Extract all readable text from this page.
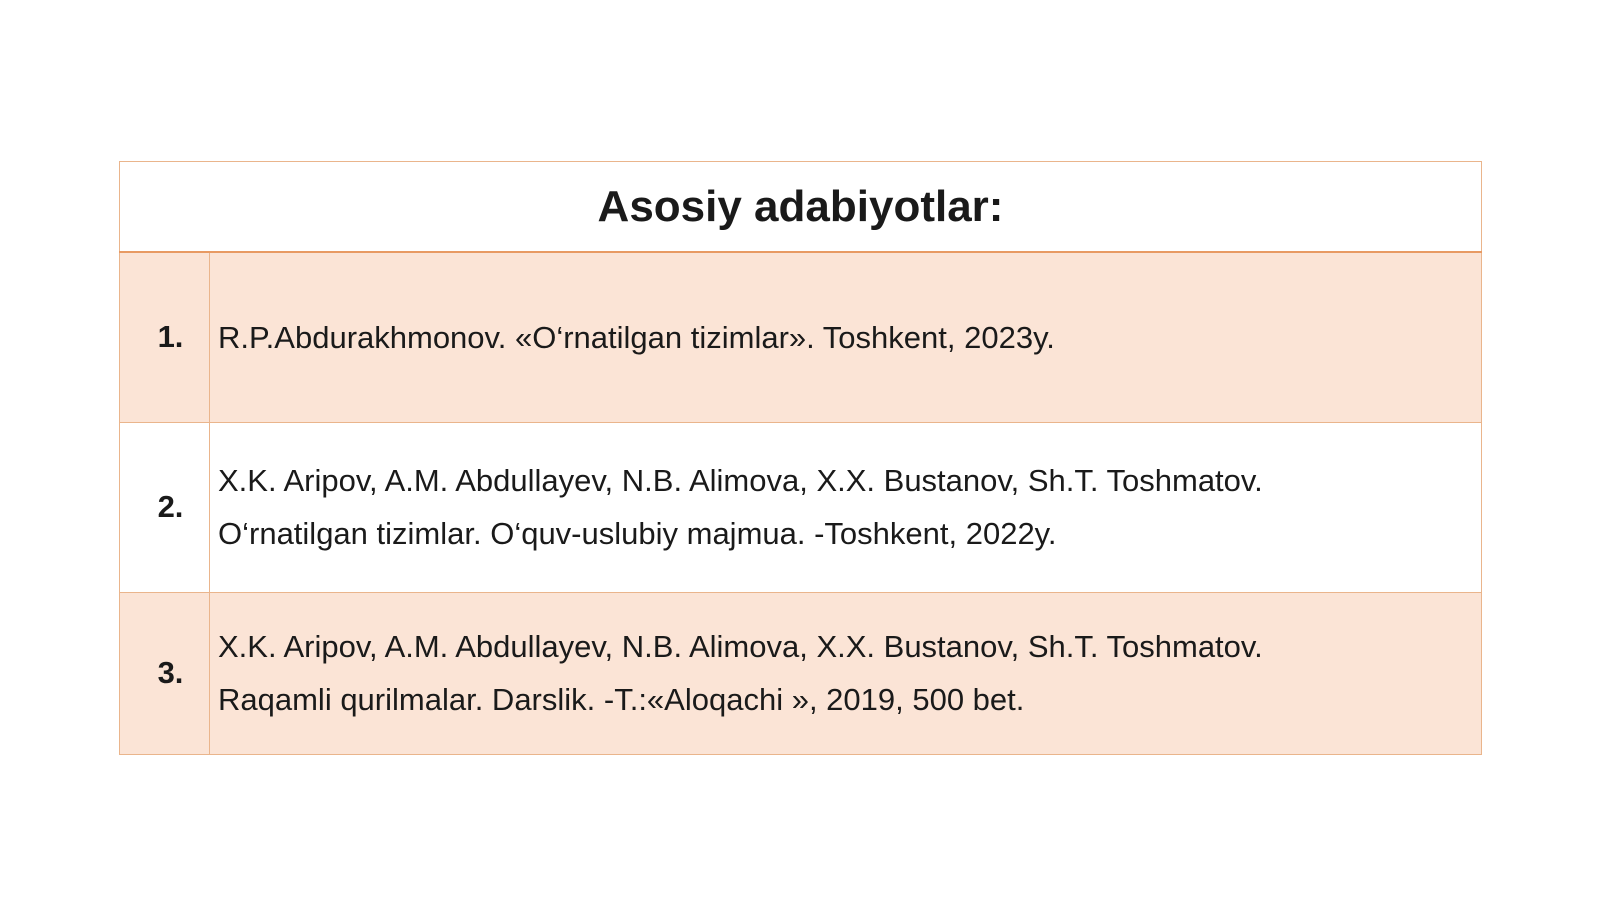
Asosiy adabiyotlar:	
1.	R.P.Abdurakhmonov. «O‘rnatilgan tizimlar». Toshkent, 2023y.

2.	X.K. Aripov, A.M. Abdullayev, N.B. Alimova, X.X. Bustanov, Sh.T. Toshmatov.
O‘rnatilgan tizimlar. O‘quv-uslubiy majmua. -Toshkent, 2022y.

3.	X.K. Aripov, A.M. Abdullayev, N.B. Alimova, X.X. Bustanov, Sh.T. Toshmatov.
Raqamli qurilmalar. Darslik. -T.:«Aloqachi », 2019, 500 bet.
